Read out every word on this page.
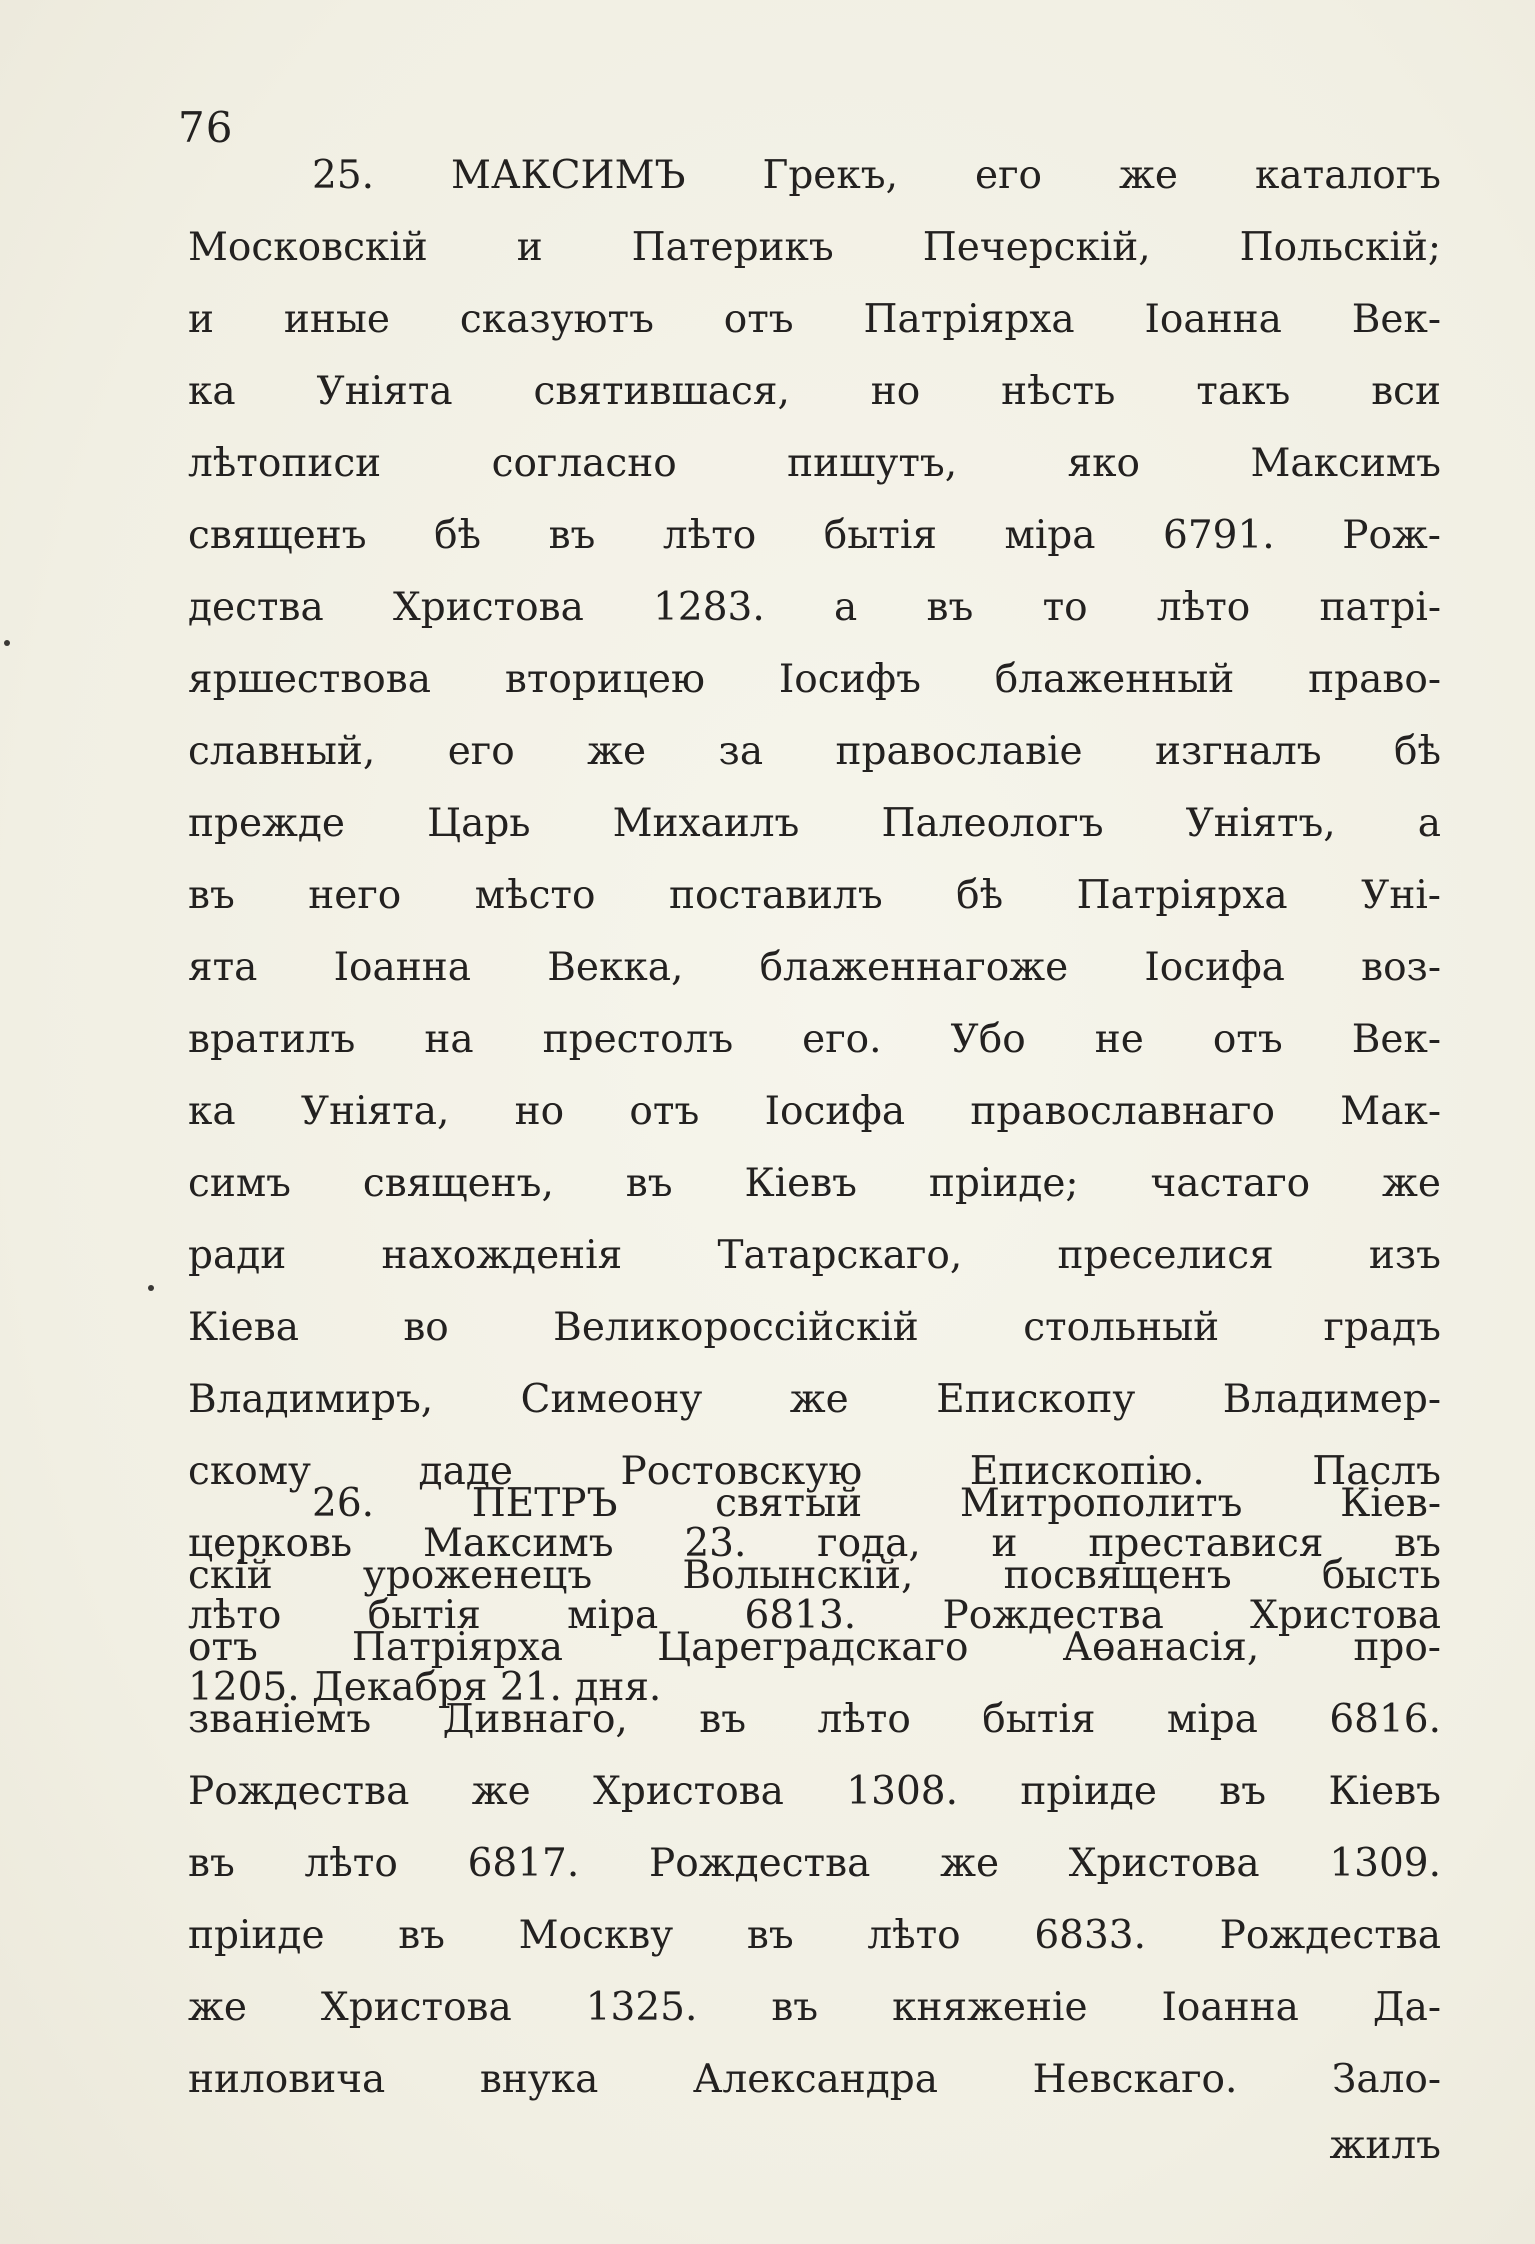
76
25. МАКСИМЪ Грекъ, его же каталогъ
Московскій и Патерикъ Печерскій, Польскій;
и иные сказуютъ отъ Патріярха Іоанна Век-
ка Уніята святившася, но нѣсть такъ вси
лѣтописи согласно пишутъ, яко Максимъ
священъ бѣ въ лѣто бытія міра 6791. Рож-
дества Христова 1283. а въ то лѣто патрі-
яршествова вторицею Іосифъ блаженный право-
славный, его же за православіе изгналъ бѣ
прежде Царь Михаилъ Палеологъ Уніятъ, а
въ него мѣсто поставилъ бѣ Патріярха Уні-
ята Іоанна Векка, блаженнагоже Іосифа воз-
вратилъ на престолъ его. Убо не отъ Век-
ка Уніята, но отъ Іосифа православнаго Мак-
симъ священъ, въ Кіевъ пріиде; частаго же
ради нахожденія Татарскаго, преселися изъ
Кіева во Великороссійскій стольный градъ
Владимиръ, Симеону же Епископу Владимер-
скому даде Ростовскую Епископію. Паслъ
церковь Максимъ 23. года, и преставися въ
лѣто бытія міра 6813. Рождества Христова
1205. Декабря 21. дня.
26. ПЕТРЪ святый Митрополитъ Кіев-
скій уроженецъ Волынскій, посвященъ бысть
отъ Патріярха Цареградскаго Аөанасія, про-
званіемъ Дивнаго, въ лѣто бытія міра 6816.
Рождества же Христова 1308. пріиде въ Кіевъ
въ лѣто 6817. Рождества же Христова 1309.
пріиде въ Москву въ лѣто 6833. Рождества
же Христова 1325. въ княженіе Іоанна Да-
ниловича внука Александра Невскаго. Зало-
жилъ
